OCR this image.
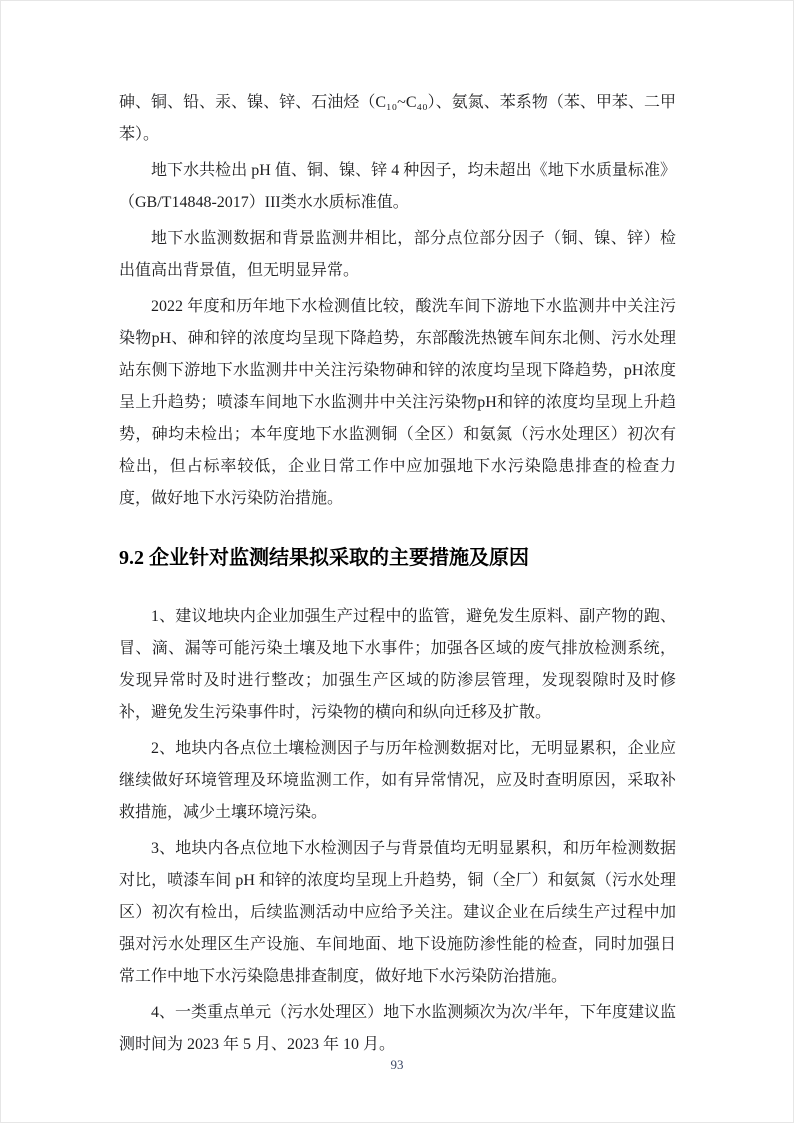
砷、铜、铅、汞、镍、锌、石油烃（C₁₀~C₄₀）、氨氮、苯系物（苯、甲苯、二甲苯）。

地下水共检出 pH 值、铜、镍、锌 4 种因子，均未超出《地下水质量标准》（GB/T14848-2017）III类水水质标准值。

地下水监测数据和背景监测井相比，部分点位部分因子（铜、镍、锌）检出值高出背景值，但无明显异常。

2022 年度和历年地下水检测值比较，酸洗车间下游地下水监测井中关注污染物pH、砷和锌的浓度均呈现下降趋势，东部酸洗热镀车间东北侧、污水处理站东侧下游地下水监测井中关注污染物砷和锌的浓度均呈现下降趋势，pH浓度呈上升趋势；喷漆车间地下水监测井中关注污染物pH和锌的浓度均呈现上升趋势，砷均未检出；本年度地下水监测铜（全区）和氨氮（污水处理区）初次有检出，但占标率较低，企业日常工作中应加强地下水污染隐患排查的检查力度，做好地下水污染防治措施。

9.2 企业针对监测结果拟采取的主要措施及原因

1、建议地块内企业加强生产过程中的监管，避免发生原料、副产物的跑、冒、滴、漏等可能污染土壤及地下水事件；加强各区域的废气排放检测系统，发现异常时及时进行整改；加强生产区域的防渗层管理，发现裂隙时及时修补，避免发生污染事件时，污染物的横向和纵向迁移及扩散。

2、地块内各点位土壤检测因子与历年检测数据对比，无明显累积，企业应继续做好环境管理及环境监测工作，如有异常情况，应及时查明原因，采取补救措施，减少土壤环境污染。

3、地块内各点位地下水检测因子与背景值均无明显累积，和历年检测数据对比，喷漆车间 pH 和锌的浓度均呈现上升趋势，铜（全厂）和氨氮（污水处理区）初次有检出，后续监测活动中应给予关注。建议企业在后续生产过程中加强对污水处理区生产设施、车间地面、地下设施防渗性能的检查，同时加强日常工作中地下水污染隐患排查制度，做好地下水污染防治措施。

4、一类重点单元（污水处理区）地下水监测频次为次/半年，下年度建议监测时间为 2023 年 5 月、2023 年 10 月。

93
